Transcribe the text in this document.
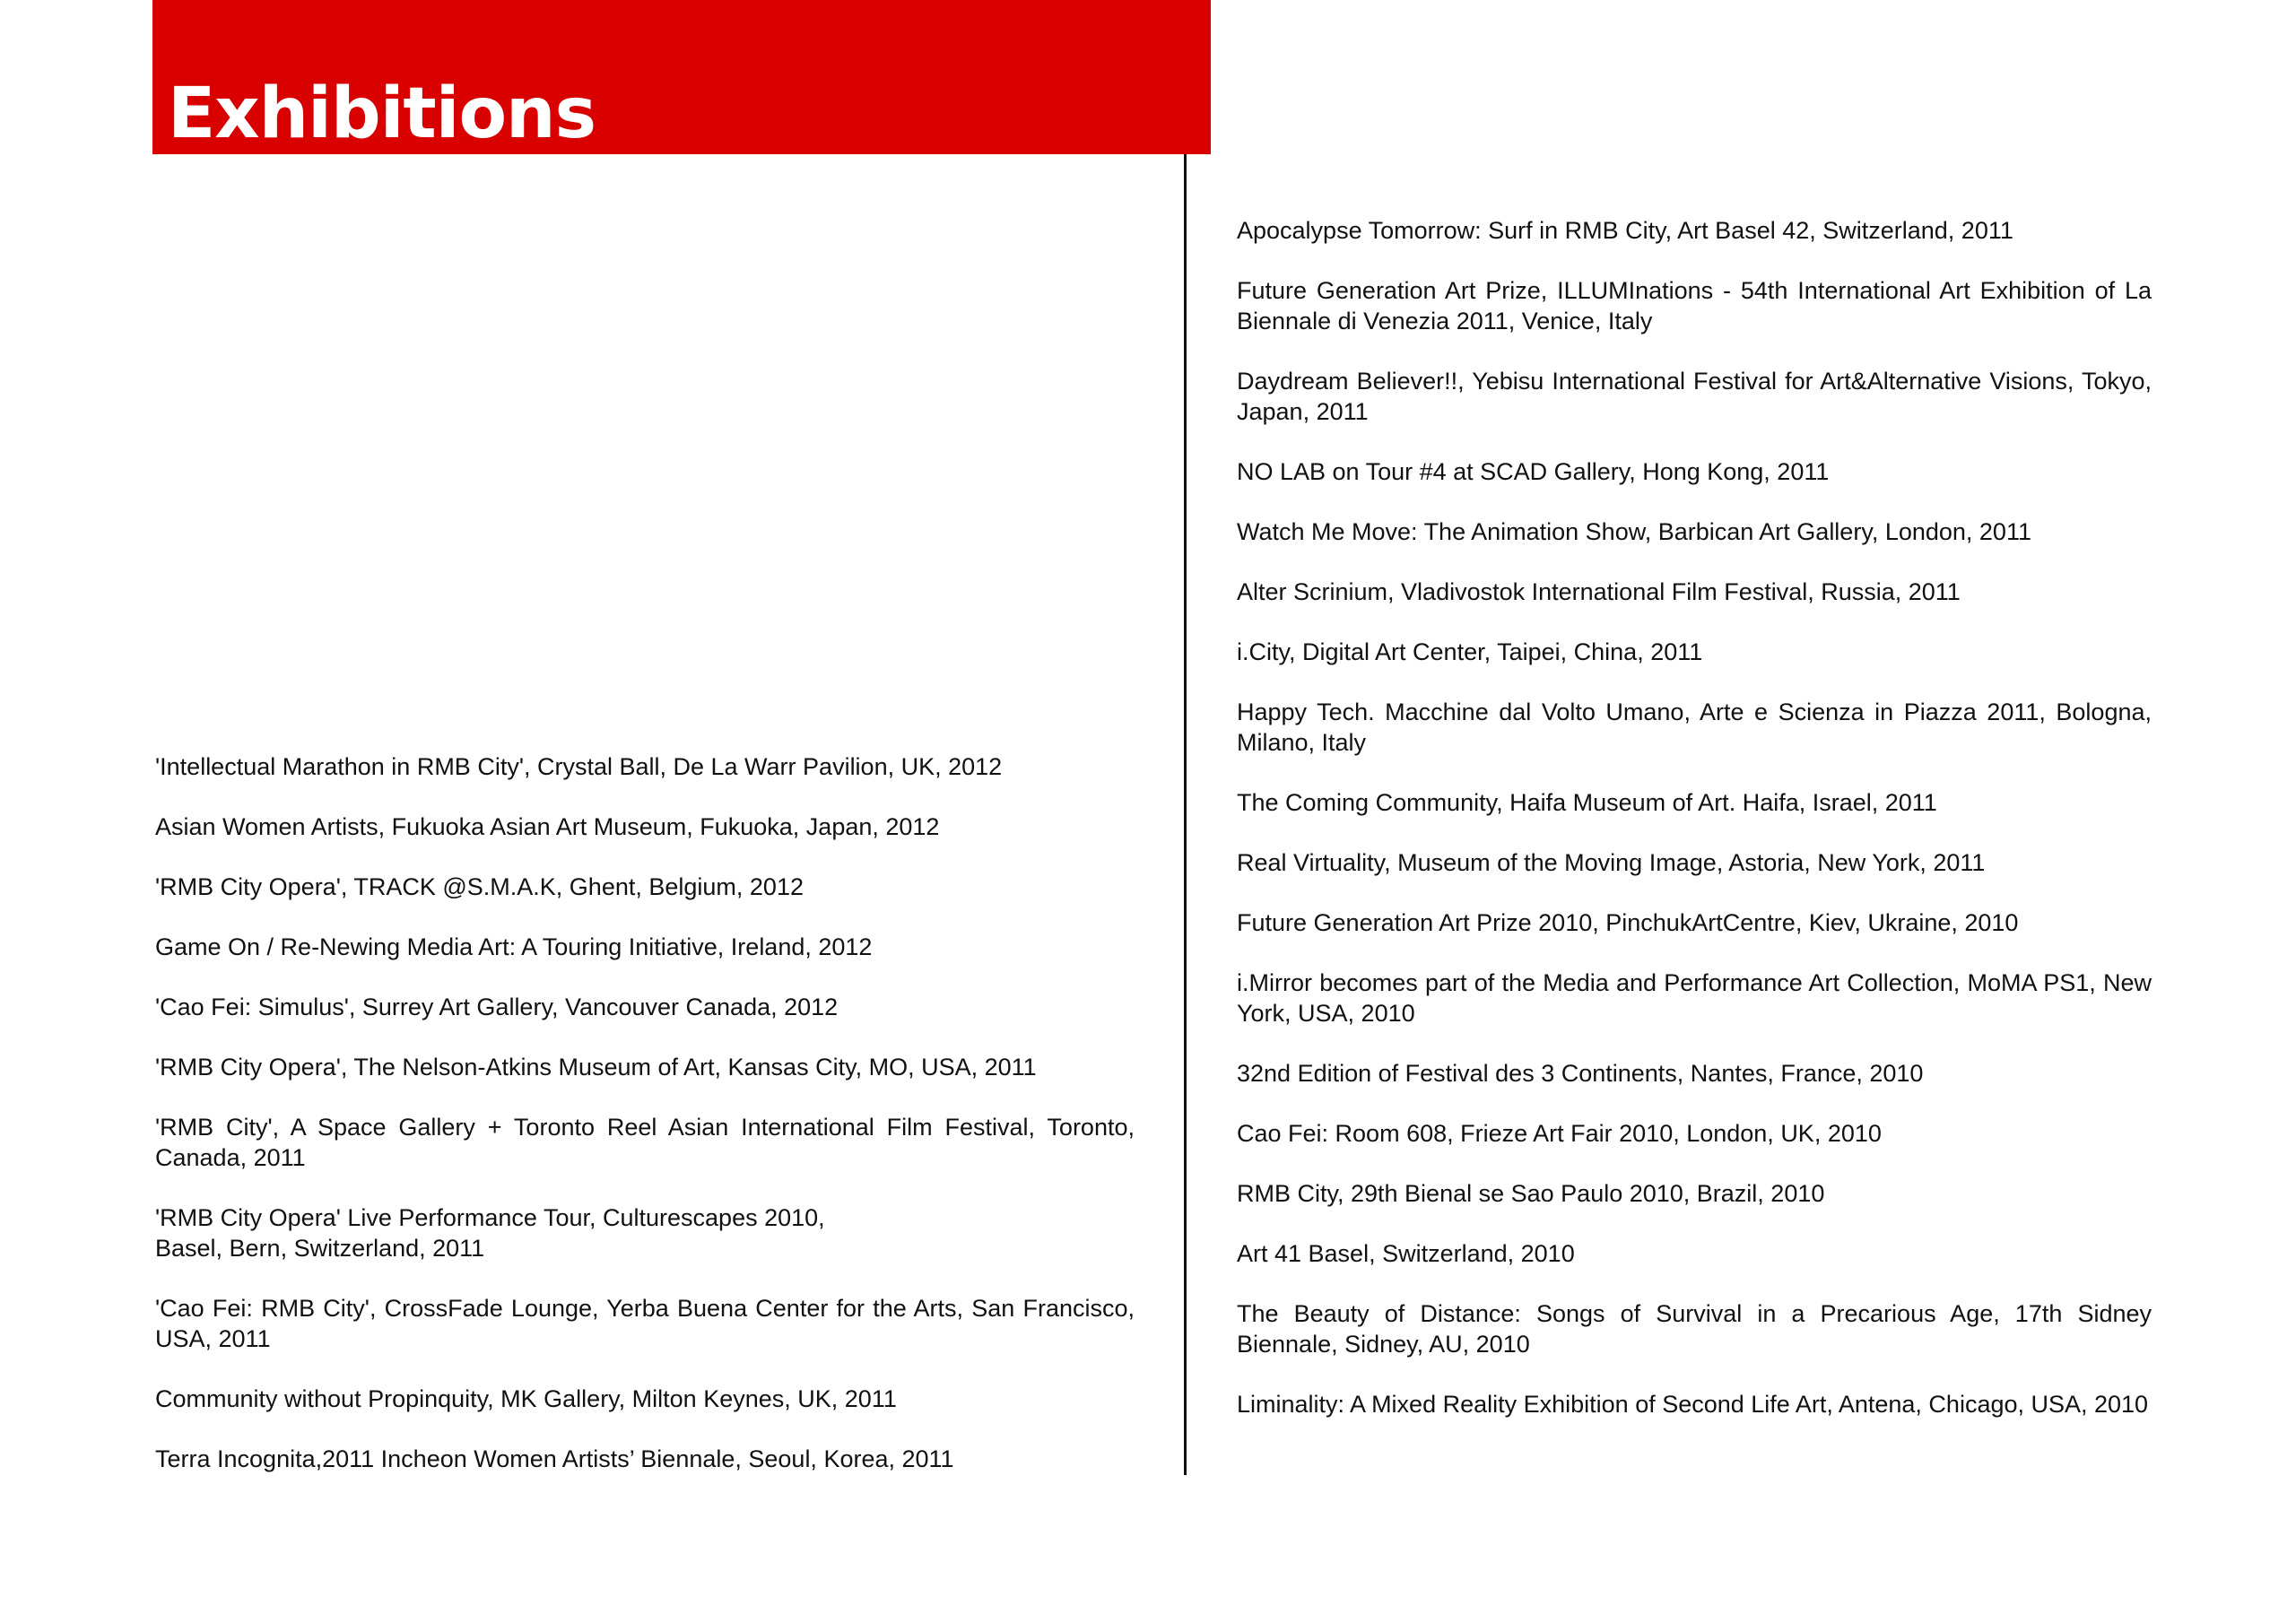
Exhibitions
'Intellectual Marathon in RMB City', Crystal Ball, De La Warr Pavilion, UK, 2012
Asian Women Artists, Fukuoka Asian Art Museum, Fukuoka, Japan, 2012
'RMB City Opera', TRACK @S.M.A.K, Ghent, Belgium, 2012
Game On / Re-Newing Media Art: A Touring Initiative, Ireland, 2012
'Cao Fei: Simulus', Surrey Art Gallery, Vancouver Canada, 2012
'RMB City Opera', The Nelson-Atkins Museum of Art, Kansas City, MO, USA, 2011
'RMB City', A Space Gallery + Toronto Reel Asian International Film Festival, Toronto, Canada, 2011
'RMB City Opera' Live Performance Tour, Culturescapes 2010,
Basel, Bern, Switzerland, 2011
'Cao Fei: RMB City', CrossFade Lounge, Yerba Buena Center for the Arts, San Francisco, USA, 2011
Community without Propinquity, MK Gallery, Milton Keynes, UK, 2011
Terra Incognita,2011 Incheon Women Artists’ Biennale, Seoul, Korea, 2011
Apocalypse Tomorrow: Surf in RMB City, Art Basel 42, Switzerland, 2011
Future Generation Art Prize, ILLUMInations - 54th International Art Exhibition of La Biennale di Venezia 2011, Venice, Italy
Daydream Believer!!, Yebisu International Festival for Art&Alternative Visions, Tokyo, Japan, 2011
NO LAB on Tour #4 at SCAD Gallery, Hong Kong, 2011
Watch Me Move: The Animation Show, Barbican Art Gallery, London, 2011
Alter Scrinium, Vladivostok International Film Festival, Russia, 2011
i.City, Digital Art Center, Taipei, China, 2011
Happy Tech. Macchine dal Volto Umano, Arte e Scienza in Piazza 2011, Bologna, Milano, Italy
The Coming Community, Haifa Museum of Art. Haifa, Israel, 2011
Real Virtuality, Museum of the Moving Image, Astoria, New York, 2011
Future Generation Art Prize 2010, PinchukArtCentre, Kiev, Ukraine, 2010
i.Mirror becomes part of the Media and Performance Art Collection, MoMA PS1, New York, USA, 2010
32nd Edition of Festival des 3 Continents, Nantes, France, 2010
Cao Fei: Room 608, Frieze Art Fair 2010, London, UK, 2010
RMB City, 29th Bienal se Sao Paulo 2010, Brazil, 2010
Art 41 Basel, Switzerland, 2010
The Beauty of Distance: Songs of Survival in a Precarious Age, 17th Sidney Biennale, Sidney, AU, 2010
Liminality: A Mixed Reality Exhibition of Second Life Art, Antena, Chicago, USA, 2010
